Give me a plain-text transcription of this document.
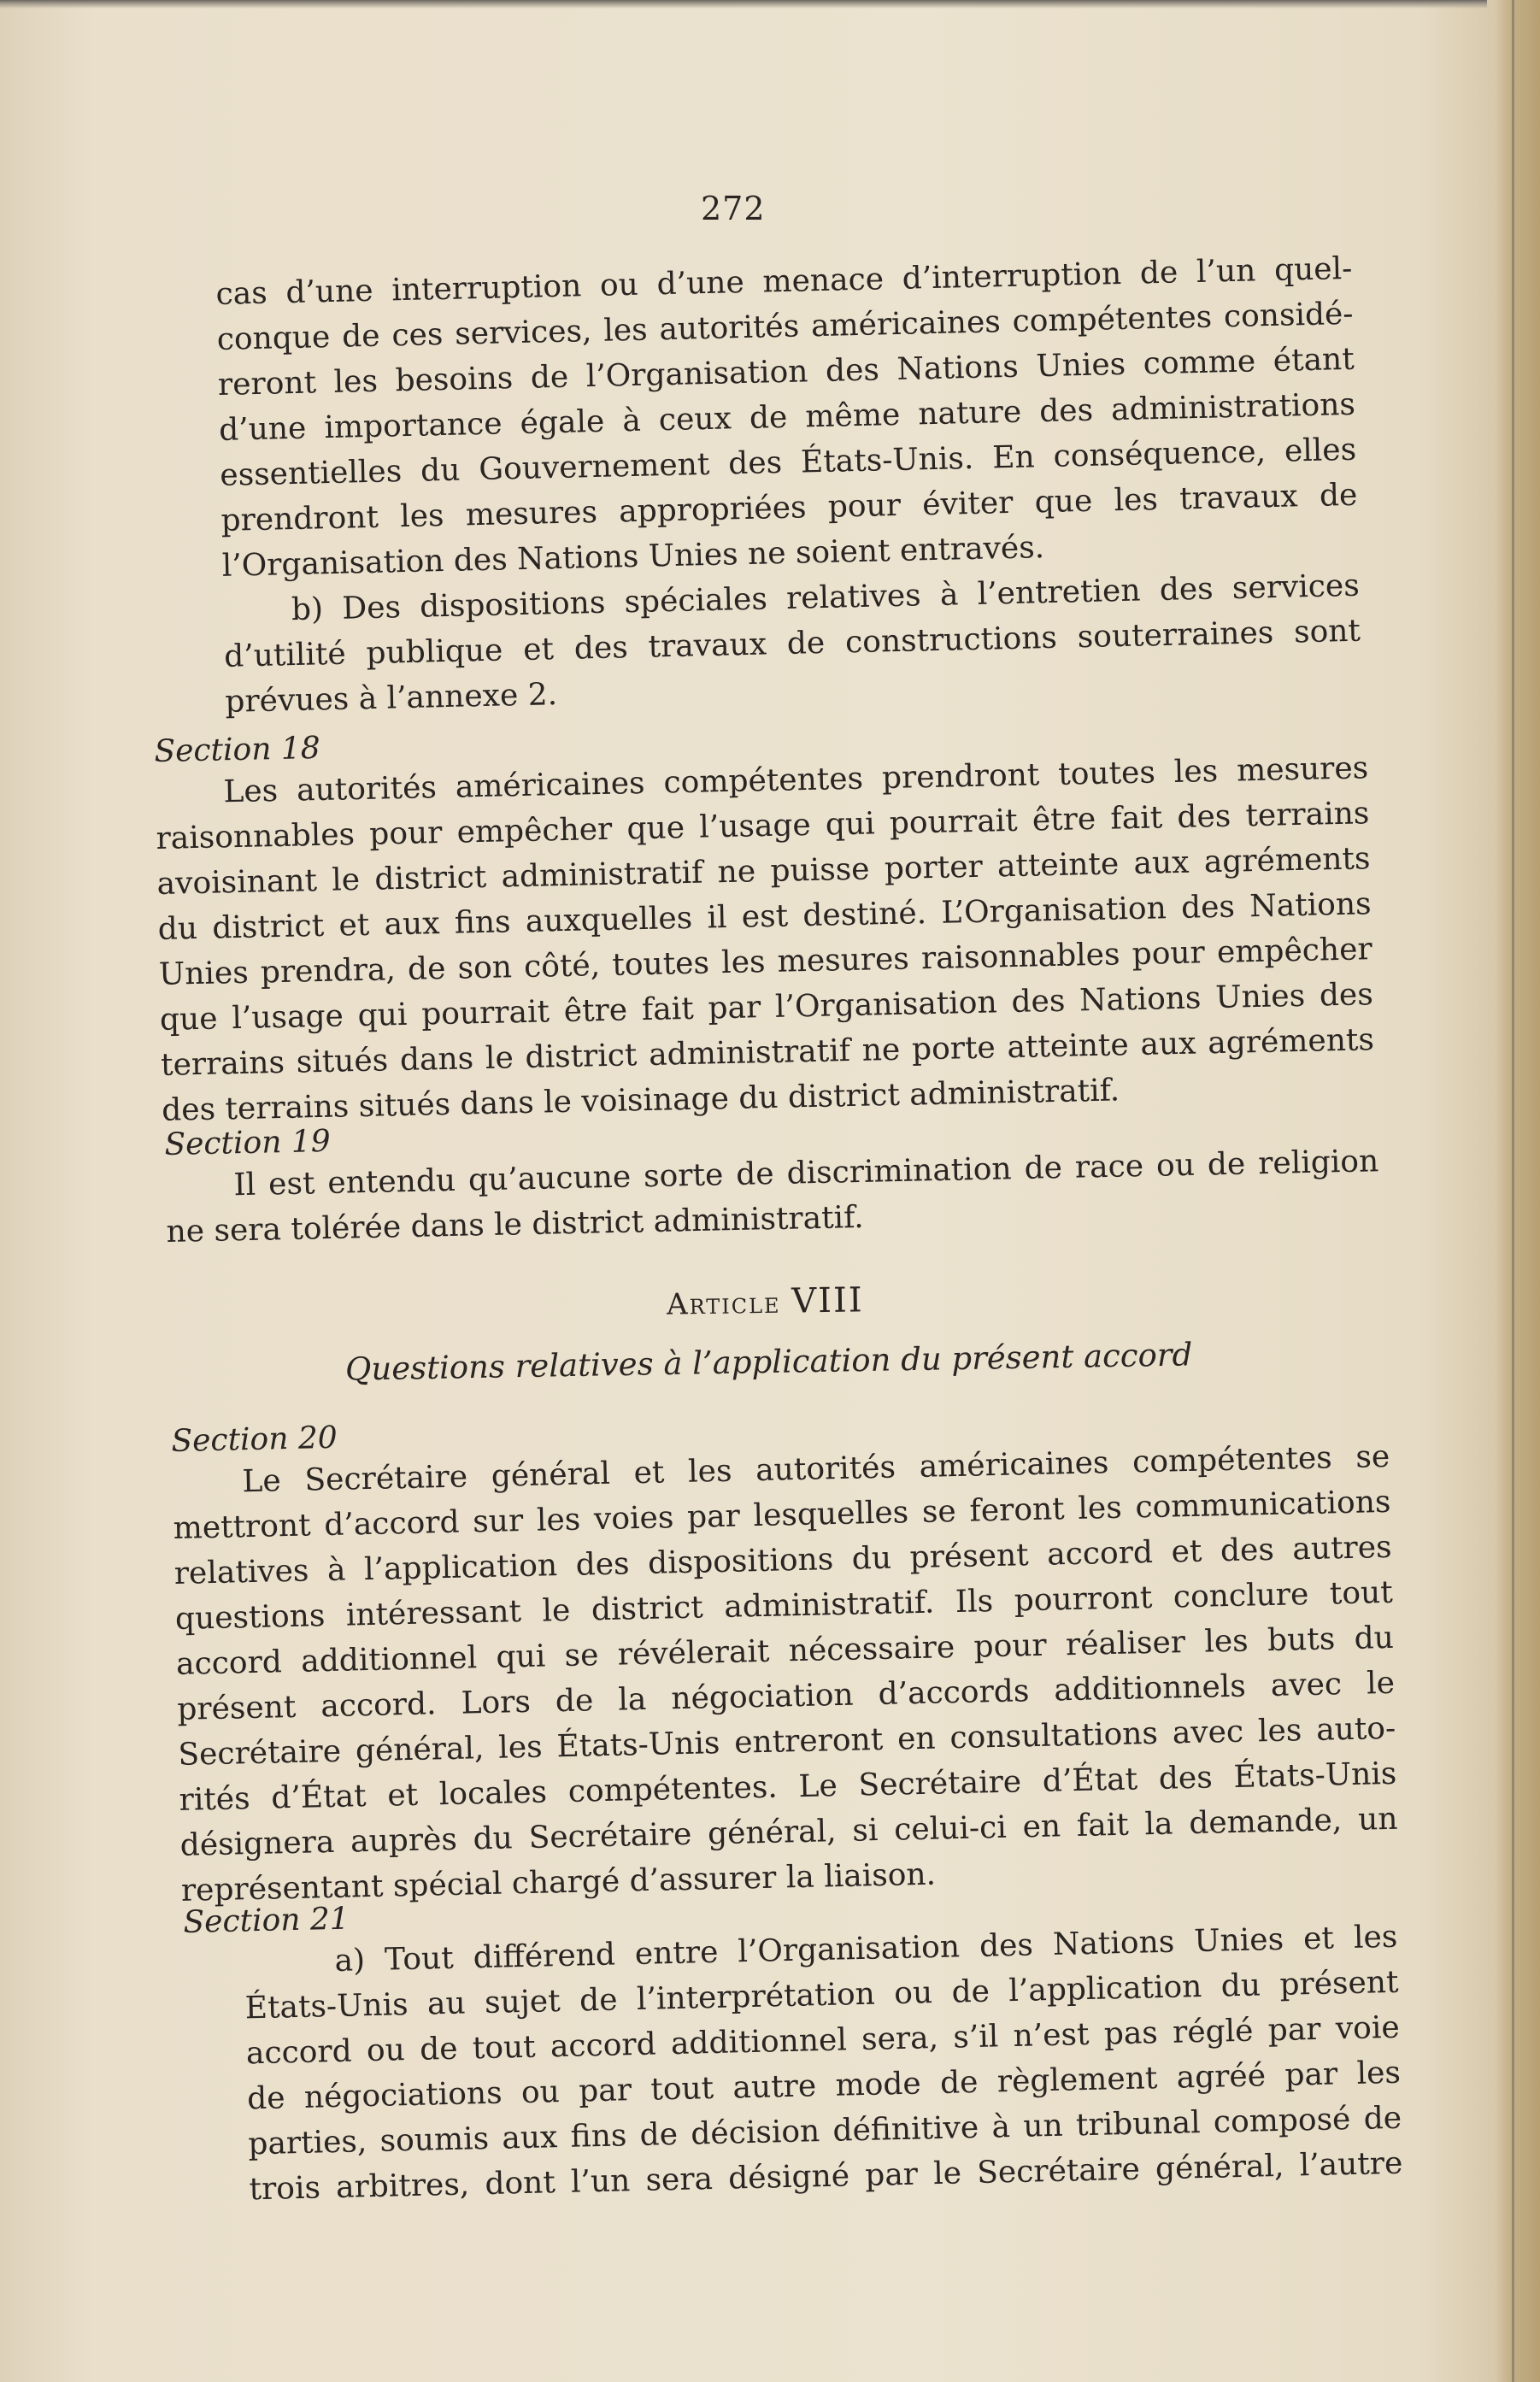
272
cas d’une interruption ou d’une menace d’interruption de l’un quel-
conque de ces services, les autorités américaines compétentes considé-
reront les besoins de l’Organisation des Nations Unies comme étant
d’une importance égale à ceux de même nature des administrations
essentielles du Gouvernement des États-Unis. En conséquence, elles
prendront les mesures appropriées pour éviter que les travaux de
l’Organisation des Nations Unies ne soient entravés.
b) Des dispositions spéciales relatives à l’entretien des services
d’utilité publique et des travaux de constructions souterraines sont
prévues à l’annexe 2.
Section 18
Les autorités américaines compétentes prendront toutes les mesures
raisonnables pour empêcher que l’usage qui pourrait être fait des terrains
avoisinant le district administratif ne puisse porter atteinte aux agréments
du district et aux fins auxquelles il est destiné. L’Organisation des Nations
Unies prendra, de son côté, toutes les mesures raisonnables pour empêcher
que l’usage qui pourrait être fait par l’Organisation des Nations Unies des
terrains situés dans le district administratif ne porte atteinte aux agréments
des terrains situés dans le voisinage du district administratif.
Section 19
Il est entendu qu’aucune sorte de discrimination de race ou de religion
ne sera tolérée dans le district administratif.
Article VIII
Questions relatives à l’application du présent accord
Section 20
Le Secrétaire général et les autorités américaines compétentes se
mettront d’accord sur les voies par lesquelles se feront les communications
relatives à l’application des dispositions du présent accord et des autres
questions intéressant le district administratif. Ils pourront conclure tout
accord additionnel qui se révélerait nécessaire pour réaliser les buts du
présent accord. Lors de la négociation d’accords additionnels avec le
Secrétaire général, les États-Unis entreront en consultations avec les auto-
rités d’État et locales compétentes. Le Secrétaire d’État des États-Unis
désignera auprès du Secrétaire général, si celui-ci en fait la demande, un
représentant spécial chargé d’assurer la liaison.
Section 21
a) Tout différend entre l’Organisation des Nations Unies et les
États-Unis au sujet de l’interprétation ou de l’application du présent
accord ou de tout accord additionnel sera, s’il n’est pas réglé par voie
de négociations ou par tout autre mode de règlement agréé par les
parties, soumis aux fins de décision définitive à un tribunal composé de
trois arbitres, dont l’un sera désigné par le Secrétaire général, l’autre
